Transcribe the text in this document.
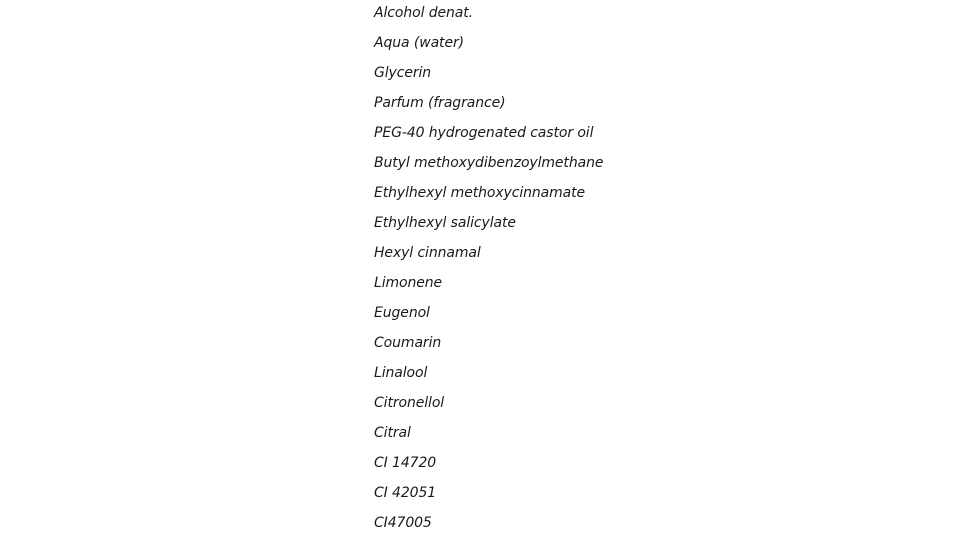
Alcohol denat.
Aqua (water)
Glycerin
Parfum (fragrance)
PEG-40 hydrogenated castor oil
Butyl methoxydibenzoylmethane
Ethylhexyl methoxycinnamate
Ethylhexyl salicylate
Hexyl cinnamal
Limonene
Eugenol
Coumarin
Linalool
Citronellol
Citral
CI 14720
CI 42051
CI47005
